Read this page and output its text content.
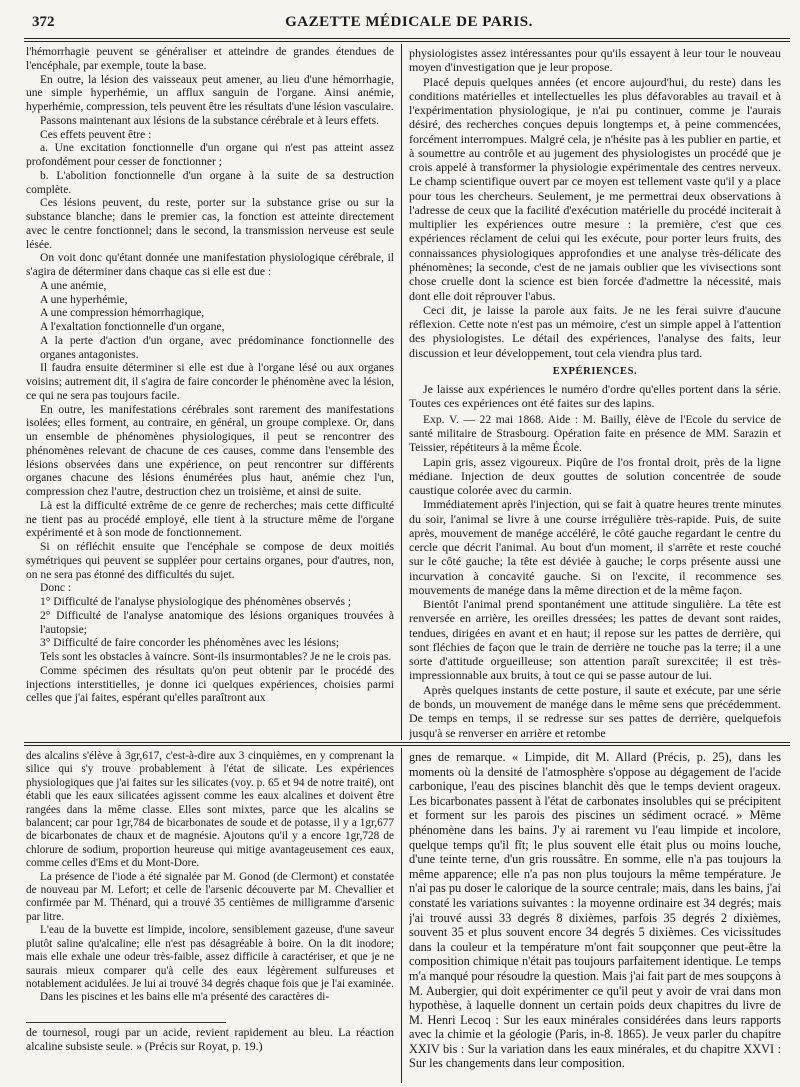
372	GAZETTE MÉDICALE DE PARIS.

l'hémorrhagie peuvent se généraliser et atteindre de grandes étendues de l'encéphale, par exemple, toute la base.

En outre, la lésion des vaisseaux peut amener, au lieu d'une hémorrhagie, une simple hyperhémie, un afflux sanguin de l'organe. Ainsi anémie, hyperhémie, compression, tels peuvent être les résultats d'une lésion vasculaire.

Passons maintenant aux lésions de la substance cérébrale et à leurs effets.

Ces effets peuvent être :

a. Une excitation fonctionnelle d'un organe qui n'est pas atteint assez profondément pour cesser de fonctionner ;

b. L'abolition fonctionnelle d'un organe à la suite de sa destruction complète.

Ces lésions peuvent, du reste, porter sur la substance grise ou sur la substance blanche; dans le premier cas, la fonction est atteinte directement avec le centre fonctionnel; dans le second, la transmission nerveuse est seule lésée.

On voit donc qu'étant donnée une manifestation physiologique cérébrale, il s'agira de déterminer dans chaque cas si elle est due :

A une anémie,

A une hyperhémie,

A une compression hémorrhagique,

A l'exaltation fonctionnelle d'un organe,

A la perte d'action d'un organe, avec prédominance fonctionnelle des organes antagonistes.

Il faudra ensuite déterminer si elle est due à l'organe lésé ou aux organes voisins; autrement dit, il s'agira de faire concorder le phénomène avec la lésion, ce qui ne sera pas toujours facile.

En outre, les manifestations cérébrales sont rarement des manifestations isolées; elles forment, au contraire, en général, un groupe complexe. Or, dans un ensemble de phénomènes physiologiques, il peut se rencontrer des phénomènes relevant de chacune de ces causes, comme dans l'ensemble des lésions observées dans une expérience, on peut rencontrer sur différents organes chacune des lésions énumérées plus haut, anémie chez l'un, compression chez l'autre, destruction chez un troisième, et ainsi de suite.

Là est la difficulté extrême de ce genre de recherches; mais cette difficulté ne tient pas au procédé employé, elle tient à la structure même de l'organe expérimenté et à son mode de fonctionnement.

Si on réfléchit ensuite que l'encéphale se compose de deux moitiés symétriques qui peuvent se suppléer pour certains organes, pour d'autres, non, on ne sera pas étonné des difficultés du sujet.

Donc :

1° Difficulté de l'analyse physiologique des phénomènes observés ;

2° Difficulté de l'analyse anatomique des lésions organiques trouvées à l'autopsie;

3° Difficulté de faire concorder les phénomènes avec les lésions;

Tels sont les obstacles à vaincre. Sont-ils insurmontables? Je ne le crois pas.

Comme spécimen des résultats qu'on peut obtenir par le procédé des injections interstitielles, je donne ici quelques expériences, choisies parmi celles que j'ai faites, espérant qu'elles paraîtront aux

physiologistes assez intéressantes pour qu'ils essayent à leur tour le nouveau moyen d'investigation que je leur propose.

Placé depuis quelques années (et encore aujourd'hui, du reste) dans les conditions matérielles et intellectuelles les plus défavorables au travail et à l'expérimentation physiologique, je n'ai pu continuer, comme je l'aurais désiré, des recherches conçues depuis longtemps et, à peine commencées, forcément interrompues. Malgré cela, je n'hésite pas à les publier en partie, et à soumettre au contrôle et au jugement des physiologistes un procédé que je crois appelé à transformer la physiologie expérimentale des centres nerveux. Le champ scientifique ouvert par ce moyen est tellement vaste qu'il y a place pour tous les chercheurs. Seulement, je me permettrai deux observations à l'adresse de ceux que la facilité d'exécution matérielle du procédé inciterait à multiplier les expériences outre mesure : la première, c'est que ces expériences réclament de celui qui les exécute, pour porter leurs fruits, des connaissances physiologiques approfondies et une analyse très-délicate des phénomènes; la seconde, c'est de ne jamais oublier que les vivisections sont chose cruelle dont la science est bien forcée d'admettre la nécessité, mais dont elle doit réprouver l'abus.

Ceci dit, je laisse la parole aux faits. Je ne les ferai suivre d'aucune réflexion. Cette note n'est pas un mémoire, c'est un simple appel à l'attention des physiologistes. Le détail des expériences, l'analyse des faits, leur discussion et leur développement, tout cela viendra plus tard.

EXPÉRIENCES.

Je laisse aux expériences le numéro d'ordre qu'elles portent dans la série. Toutes ces expériences ont été faites sur des lapins.

Exp. V. — 22 mai 1868. Aide : M. Bailly, élève de l'Ecole du service de santé militaire de Strasbourg. Opération faite en présence de MM. Sarazin et Teissier, répétiteurs à la même École.

Lapin gris, assez vigoureux. Piqûre de l'os frontal droit, près de la ligne médiane. Injection de deux gouttes de solution concentrée de soude caustique colorée avec du carmin.

Immédiatement après l'injection, qui se fait à quatre heures trente minutes du soir, l'animal se livre à une course irrégulière très-rapide. Puis, de suite après, mouvement de manége accéléré, le côté gauche regardant le centre du cercle que décrit l'animal. Au bout d'un moment, il s'arrête et reste couché sur le côté gauche; la tête est déviée à gauche; le corps présente aussi une incurvation à concavité gauche. Si on l'excite, il recommence ses mouvements de manége dans la même direction et de la même façon.

Bientôt l'animal prend spontanément une attitude singulière. La tête est renversée en arrière, les oreilles dressées; les pattes de devant sont raides, tendues, dirigées en avant et en haut; il repose sur les pattes de derrière, qui sont fléchies de façon que le train de derrière ne touche pas la terre; il a une sorte d'attitude orgueilleuse; son attention paraît surexcitée; il est très-impressionnable aux bruits, à tout ce qui se passe autour de lui.

Après quelques instants de cette posture, il saute et exécute, par une série de bonds, un mouvement de manége dans le même sens que précédemment. De temps en temps, il se redresse sur ses pattes de derrière, quelquefois jusqu'à se renverser en arrière et retombe

des alcalins s'élève à 3gr,617, c'est-à-dire aux 3 cinquièmes, en y comprenant la silice qui s'y trouve probablement à l'état de silicate. Les expériences physiologiques que j'ai faites sur les silicates (voy. p. 65 et 94 de notre traité), ont établi que les eaux silicatées agissent comme les eaux alcalines et doivent être rangées dans la même classe. Elles sont mixtes, parce que les alcalins se balancent; car pour 1gr,784 de bicarbonates de soude et de potasse, il y a 1gr,677 de bicarbonates de chaux et de magnésie. Ajoutons qu'il y a encore 1gr,728 de chlorure de sodium, proportion heureuse qui mitige avantageusement ces eaux, comme celles d'Ems et du Mont-Dore.

La présence de l'iode a été signalée par M. Gonod (de Clermont) et constatée de nouveau par M. Lefort; et celle de l'arsenic découverte par M. Chevallier et confirmée par M. Thénard, qui a trouvé 35 centièmes de milligramme d'arsenic par litre.

L'eau de la buvette est limpide, incolore, sensiblement gazeuse, d'une saveur plutôt saline qu'alcaline; elle n'est pas désagréable à boire. On la dit inodore; mais elle exhale une odeur très-faible, assez difficile à caractériser, et que je ne saurais mieux comparer qu'à celle des eaux légèrement sulfureuses et notablement acidulées. Je lui ai trouvé 34 degrés chaque fois que je l'ai examinée.

Dans les piscines et les bains elle m'a présenté des caractères di-

de tournesol, rougi par un acide, revient rapidement au bleu. La réaction alcaline subsiste seule. » (Précis sur Royat, p. 19.)

gnes de remarque. « Limpide, dit M. Allard (Précis, p. 25), dans les moments où la densité de l'atmosphère s'oppose au dégagement de l'acide carbonique, l'eau des piscines blanchit dès que le temps devient orageux. Les bicarbonates passent à l'état de carbonates insolubles qui se précipitent et forment sur les parois des piscines un sédiment ocracé. » Même phénomène dans les bains. J'y ai rarement vu l'eau limpide et incolore, quelque temps qu'il fît; le plus souvent elle était plus ou moins louche, d'une teinte terne, d'un gris roussâtre. En somme, elle n'a pas toujours la même apparence; elle n'a pas non plus toujours la même température. Je n'ai pas pu doser le calorique de la source centrale; mais, dans les bains, j'ai constaté les variations suivantes : la moyenne ordinaire est 34 degrés; mais j'ai trouvé aussi 33 degrés 8 dixièmes, parfois 35 degrés 2 dixièmes, souvent 35 et plus souvent encore 34 degrés 5 dixièmes. Ces vicissitudes dans la couleur et la température m'ont fait soupçonner que peut-être la composition chimique n'était pas toujours parfaitement identique. Le temps m'a manqué pour résoudre la question. Mais j'ai fait part de mes soupçons à M. Aubergier, qui doit expérimenter ce qu'il peut y avoir de vrai dans mon hypothèse, à laquelle donnent un certain poids deux chapitres du livre de M. Henri Lecoq : Sur les eaux minérales considérées dans leurs rapports avec la chimie et la géologie (Paris, in-8. 1865). Je veux parler du chapitre XXIV bis : Sur la variation dans les eaux minérales, et du chapitre XXVI : Sur les changements dans leur composition.
